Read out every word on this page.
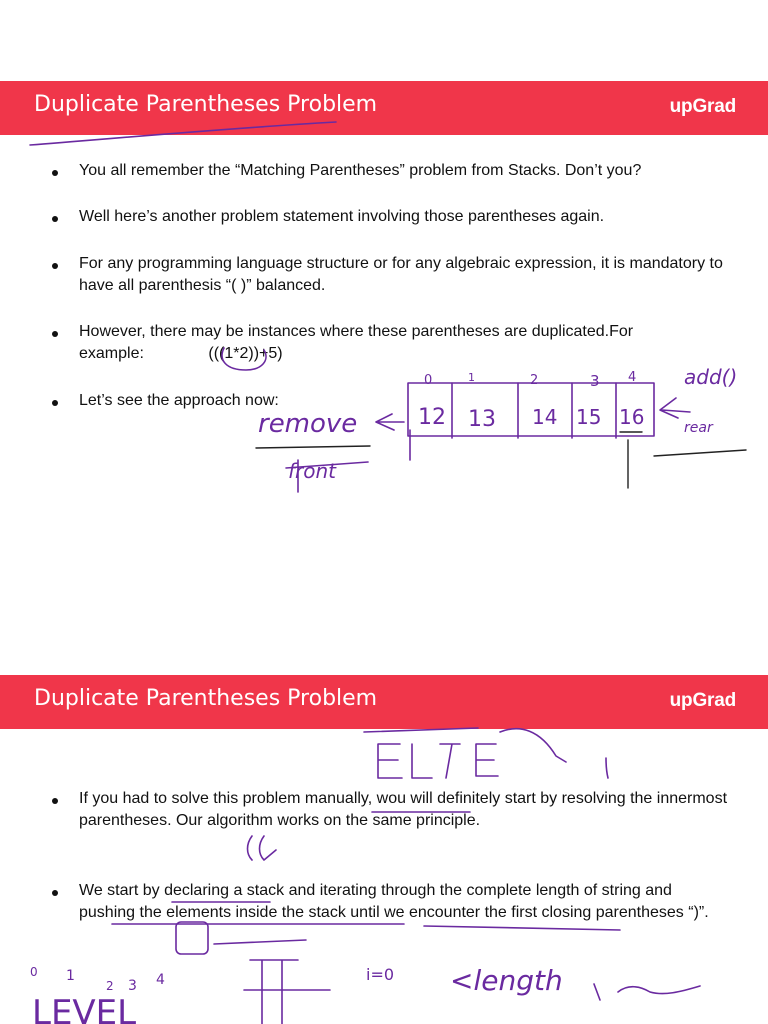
Duplicate Parentheses Problem	upGrad
You all remember the “Matching Parentheses” problem from Stacks. Don’t you?
Well here’s another problem statement involving those parentheses again.
For any programming language structure or for any algebraic expression, it is mandatory to have all parenthesis “( )” balanced.
However, there may be instances where these parentheses are duplicated.For example:	(((1*2))+5)
Let’s see the approach now:
0	1	2	3 4
12 13 14 15 16
remove
front
add()
rear
Duplicate Parentheses Problem	upGrad
If you had to solve this problem manually, wou will definitely start by resolving the innermost parentheses. Our algorithm works on the same principle.
We start by declaring a stack and iterating through the complete length of string and pushing the elements inside the stack until we encounter the first closing parentheses “)”.
0 1
2 3 4
LEVEL
i=0 <length
